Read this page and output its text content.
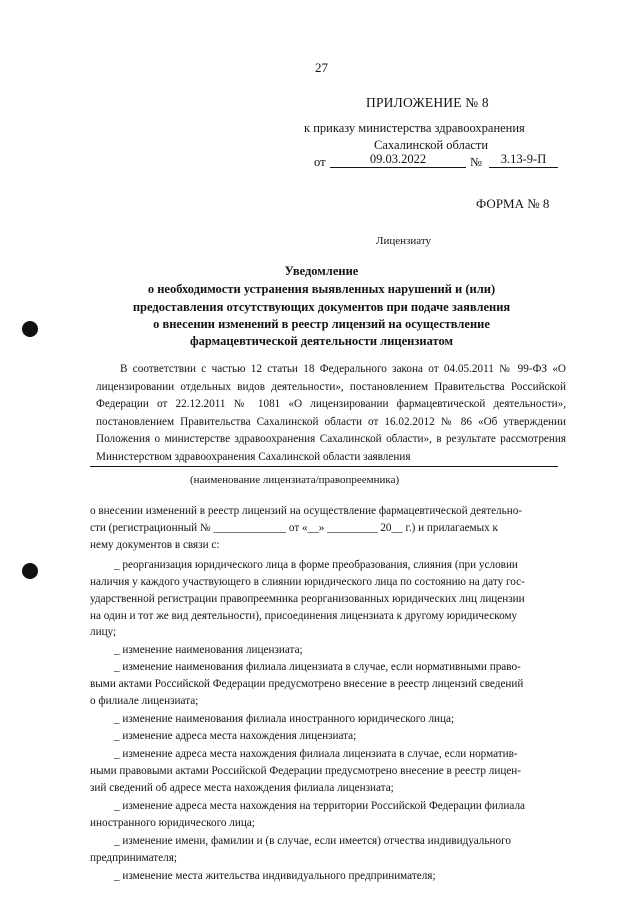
27
ПРИЛОЖЕНИЕ № 8
к приказу министерства здравоохранения
Сахалинской области
от	09.03.2022	№	3.13-9-П
ФОРМА № 8
Лицензиату
Уведомление
о необходимости устранения выявленных нарушений и (или)
предоставления отсутствующих документов при подаче заявления
о внесении изменений в реестр лицензий на осуществление
фармацевтической деятельности лицензиатом
В соответствии с частью 12 статьи 18 Федерального закона от 04.05.2011 № 99-ФЗ «О лицензировании отдельных видов деятельности», постановлением Правительства Российской Федерации от 22.12.2011 № 1081 «О лицензировании фармацевтической деятельности», постановлением Правительства Сахалинской области от 16.02.2012 № 86 «Об утверждении Положения о министерстве здравоохранения Сахалинской области», в результате рассмотрения Министерством здравоохранения Сахалинской области заявления
(наименование лицензиата/правопреемника)
о внесении изменений в реестр лицензий на осуществление фармацевтической деятельно-
сти (регистрационный № _____________ от «__» _________ 20__ г.) и прилагаемых к
нему документов в связи с:
_ реорганизация юридического лица в форме преобразования, слияния (при условии
наличия у каждого участвующего в слиянии юридического лица по состоянию на дату гос-
ударственной регистрации правопреемника реорганизованных юридических лиц лицензии
на один и тот же вид деятельности), присоединения лицензиата к другому юридическому
лицу;
_ изменение наименования лицензиата;
_ изменение наименования филиала лицензиата в случае, если нормативными право-
выми актами Российской Федерации предусмотрено внесение в реестр лицензий сведений
о филиале лицензиата;
_ изменение наименования филиала иностранного юридического лица;
_ изменение адреса места нахождения лицензиата;
_ изменение адреса места нахождения филиала лицензиата в случае, если норматив-
ными правовыми актами Российской Федерации предусмотрено внесение в реестр лицен-
зий сведений об адресе места нахождения филиала лицензиата;
_ изменение адреса места нахождения на территории Российской Федерации филиала
иностранного юридического лица;
_ изменение имени, фамилии и (в случае, если имеется) отчества индивидуального
предпринимателя;
_ изменение места жительства индивидуального предпринимателя;
